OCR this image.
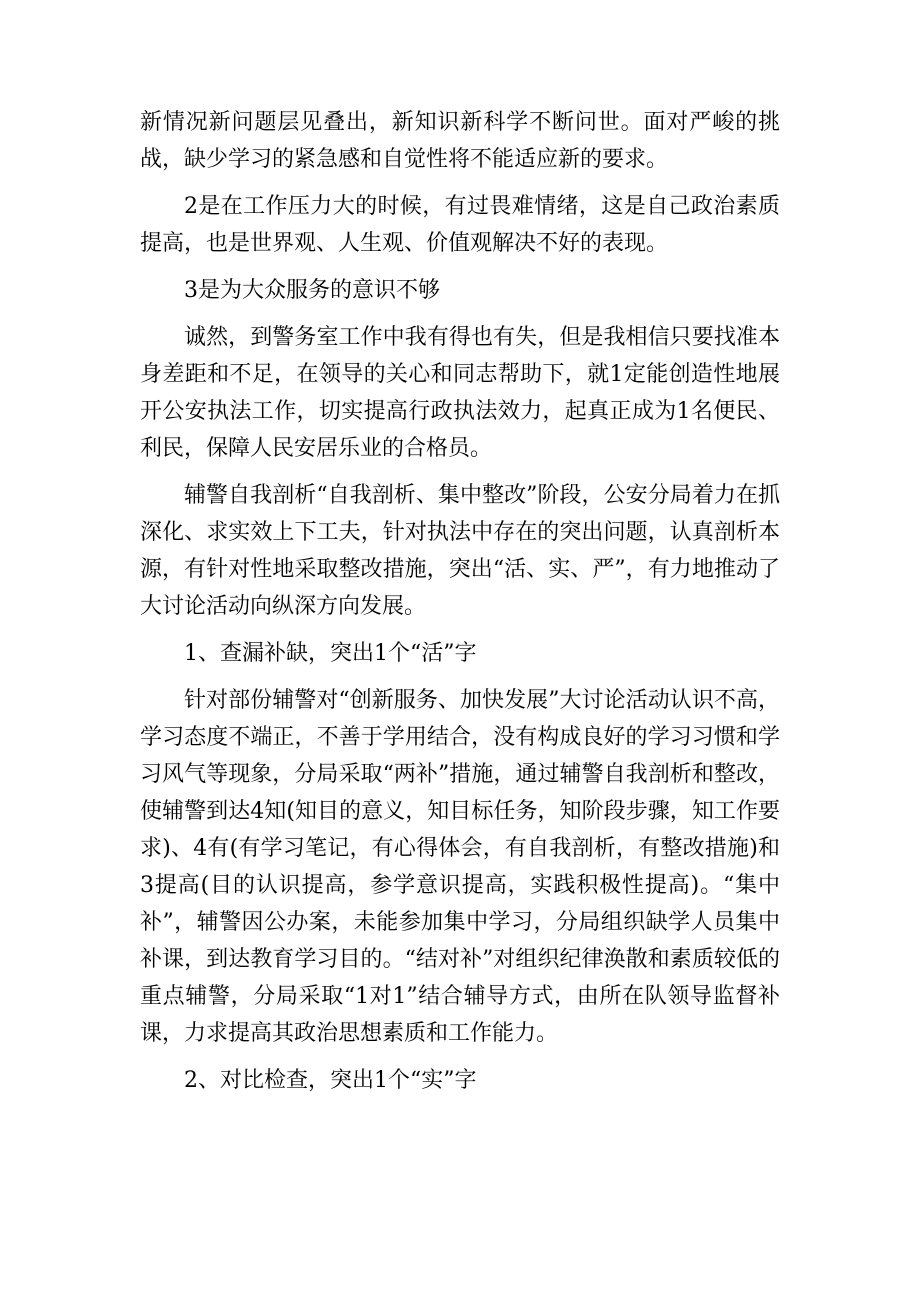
新情况新问题层见叠出，新知识新科学不断问世。面对严峻的挑战，缺少学习的紧急感和自觉性将不能适应新的要求。

2是在工作压力大的时候，有过畏难情绪，这是自己政治素质提高，也是世界观、人生观、价值观解决不好的表现。

3是为大众服务的意识不够

诚然，到警务室工作中我有得也有失，但是我相信只要找准本身差距和不足，在领导的关心和同志帮助下，就1定能创造性地展开公安执法工作，切实提高行政执法效力，起真正成为1名便民、利民，保障人民安居乐业的合格员。

辅警自我剖析“自我剖析、集中整改”阶段，公安分局着力在抓深化、求实效上下工夫，针对执法中存在的突出问题，认真剖析本源，有针对性地采取整改措施，突出“活、实、严”，有力地推动了大讨论活动向纵深方向发展。

1、查漏补缺，突出1个“活”字

针对部份辅警对“创新服务、加快发展”大讨论活动认识不高，学习态度不端正，不善于学用结合，没有构成良好的学习习惯和学习风气等现象，分局采取“两补”措施，通过辅警自我剖析和整改，使辅警到达4知(知目的意义，知目标任务，知阶段步骤，知工作要求)、4有(有学习笔记，有心得体会，有自我剖析，有整改措施)和3提高(目的认识提高，参学意识提高，实践积极性提高)。“集中补”，辅警因公办案，未能参加集中学习，分局组织缺学人员集中补课，到达教育学习目的。“结对补”对组织纪律涣散和素质较低的重点辅警，分局采取“1对1”结合辅导方式，由所在队领导监督补课，力求提高其政治思想素质和工作能力。

2、对比检查，突出1个“实”字
